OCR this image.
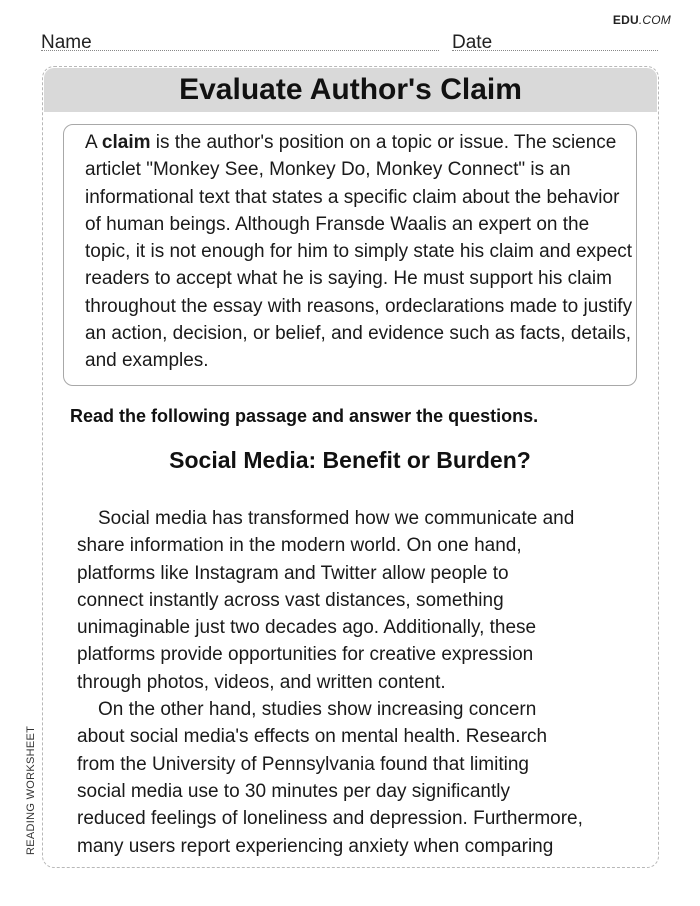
EDU.COM
Name	Date
Evaluate Author's Claim
A claim is the author's position on a topic or issue. The science articlet "Monkey See, Monkey Do, Monkey Connect" is an informational text that states a specific claim about the behavior of human beings. Although Fransde Waalis an expert on the topic, it is not enough for him to simply state his claim and expect readers to accept what he is saying. He must support his claim throughout the essay with reasons, ordeclarations made to justify an action, decision, or belief, and evidence such as facts, details, and examples.
Read the following passage and answer the questions.
Social Media: Benefit or Burden?
Social media has transformed how we communicate and
share information in the modern world. On one hand,
platforms like Instagram and Twitter allow people to
connect instantly across vast distances, something
unimaginable just two decades ago. Additionally, these
platforms provide opportunities for creative expression
through photos, videos, and written content.
On the other hand, studies show increasing concern
about social media's effects on mental health. Research
from the University of Pennsylvania found that limiting
social media use to 30 minutes per day significantly
reduced feelings of loneliness and depression. Furthermore,
many users report experiencing anxiety when comparing
READING WORKSHEET
